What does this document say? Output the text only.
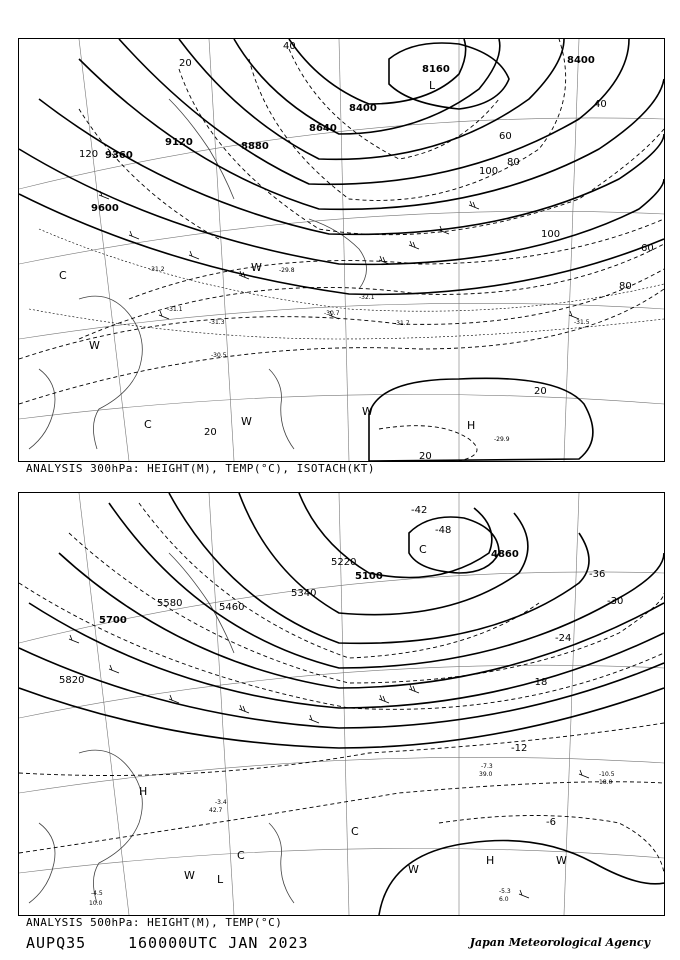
8160
8400
8400
8640
8880
9120
9360
9600
20
40
40
60
60
80
80
100
100
120
20
20
20
L
H
C
C
W
W
W
W
-31.7	-31.5
-30.5
-29.8
-30.7
-31.3
-31.1
-32.1
-31.2
-29.9
ANALYSIS 300hPa: HEIGHT(M), TEMP(°C), ISOTACH(KT)
4860
5100
5220
5340
5460
5580
5700
5820
-48
-42
-36
-30
-24
-18
-12
-6
C
H
H
C
C
L
W	W
W
-10.5
18.0
-7.3
39.0
-5.3
6.0
-4.5
10.0
-3.4
42.7
ANALYSIS 500hPa: HEIGHT(M), TEMP(°C)
AUPQ35	160000UTC JAN 2023	Japan Meteorological Agency
